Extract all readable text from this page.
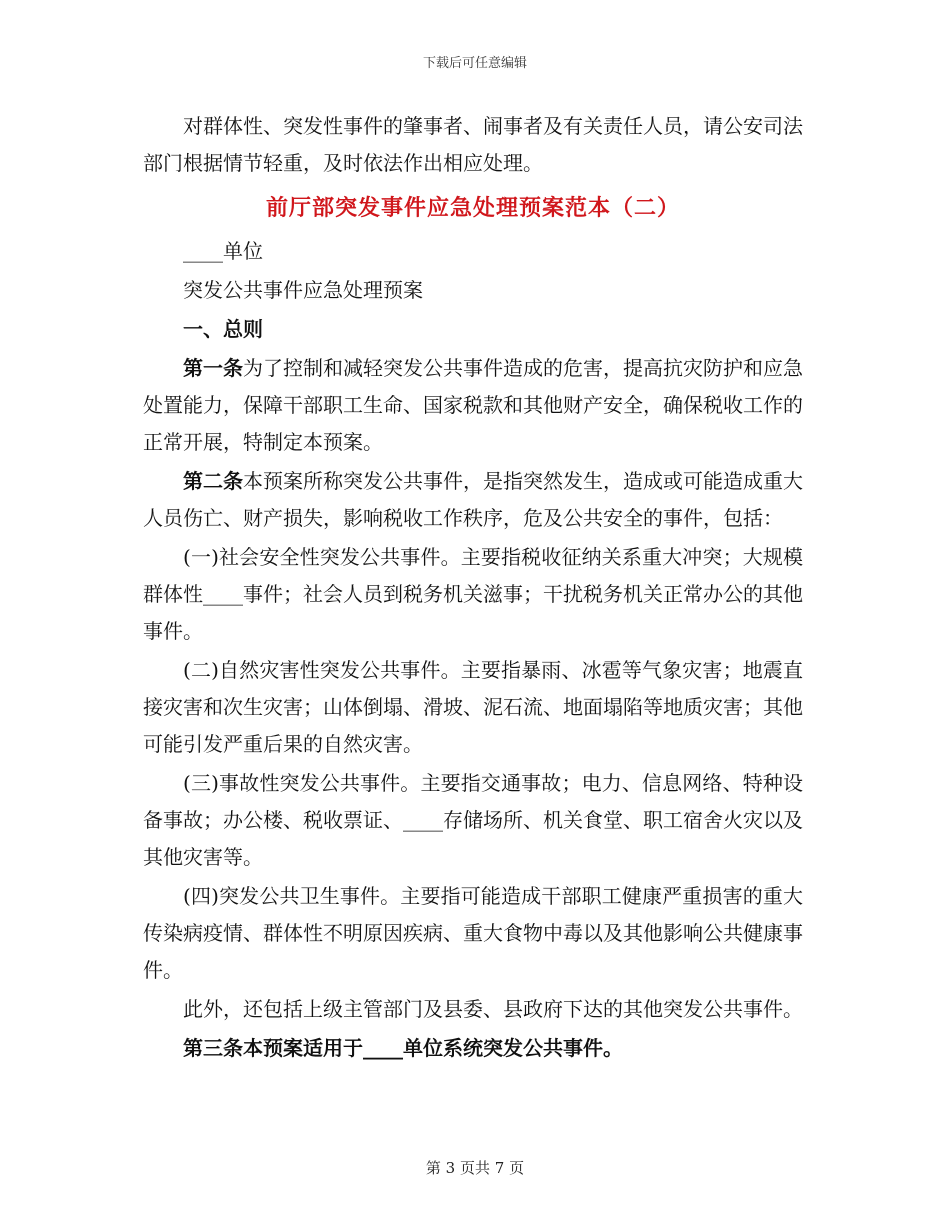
下载后可任意编辑

对群体性、突发性事件的肇事者、闹事者及有关责任人员，请公安司法部门根据情节轻重，及时依法作出相应处理。

前厅部突发事件应急处理预案范本（二）

____单位

突发公共事件应急处理预案

一、总则

第一条为了控制和减轻突发公共事件造成的危害，提高抗灾防护和应急处置能力，保障干部职工生命、国家税款和其他财产安全，确保税收工作的正常开展，特制定本预案。

第二条本预案所称突发公共事件，是指突然发生，造成或可能造成重大人员伤亡、财产损失，影响税收工作秩序，危及公共安全的事件，包括：

(一)社会安全性突发公共事件。主要指税收征纳关系重大冲突；大规模群体性____事件；社会人员到税务机关滋事；干扰税务机关正常办公的其他事件。

(二)自然灾害性突发公共事件。主要指暴雨、冰雹等气象灾害；地震直接灾害和次生灾害；山体倒塌、滑坡、泥石流、地面塌陷等地质灾害；其他可能引发严重后果的自然灾害。

(三)事故性突发公共事件。主要指交通事故；电力、信息网络、特种设备事故；办公楼、税收票证、____存储场所、机关食堂、职工宿舍火灾以及其他灾害等。

(四)突发公共卫生事件。主要指可能造成干部职工健康严重损害的重大传染病疫情、群体性不明原因疾病、重大食物中毒以及其他影响公共健康事件。

此外，还包括上级主管部门及县委、县政府下达的其他突发公共事件。

第三条本预案适用于____单位系统突发公共事件。

第 3 页共 7 页
